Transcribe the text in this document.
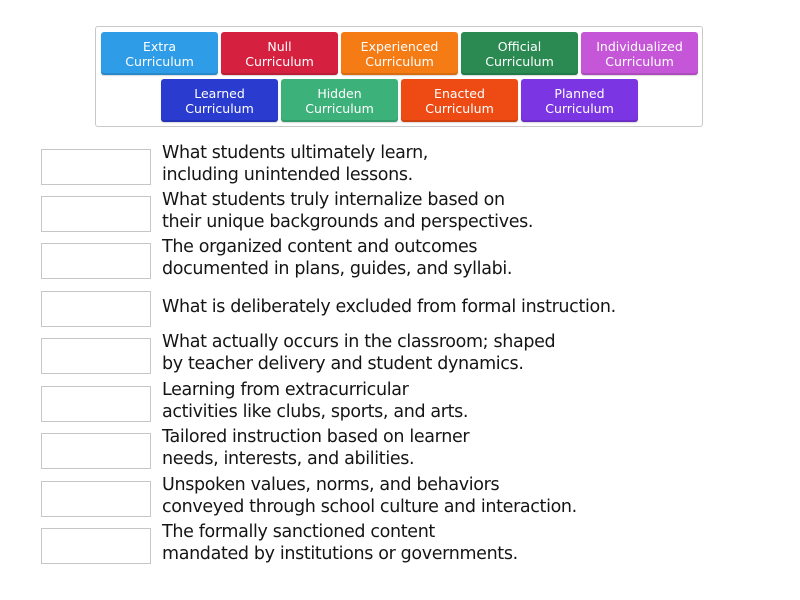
Extra
Curriculum
Null
Curriculum
Experienced
Curriculum
Official
Curriculum
Individualized
Curriculum
Learned
Curriculum
Hidden
Curriculum
Enacted
Curriculum
Planned
Curriculum
What students ultimately learn,
including unintended lessons.
What students truly internalize based on
their unique backgrounds and perspectives.
The organized content and outcomes
documented in plans, guides, and syllabi.
What is deliberately excluded from formal instruction.
What actually occurs in the classroom; shaped
by teacher delivery and student dynamics.
Learning from extracurricular
activities like clubs, sports, and arts.
Tailored instruction based on learner
needs, interests, and abilities.
Unspoken values, norms, and behaviors
conveyed through school culture and interaction.
The formally sanctioned content
mandated by institutions or governments.
